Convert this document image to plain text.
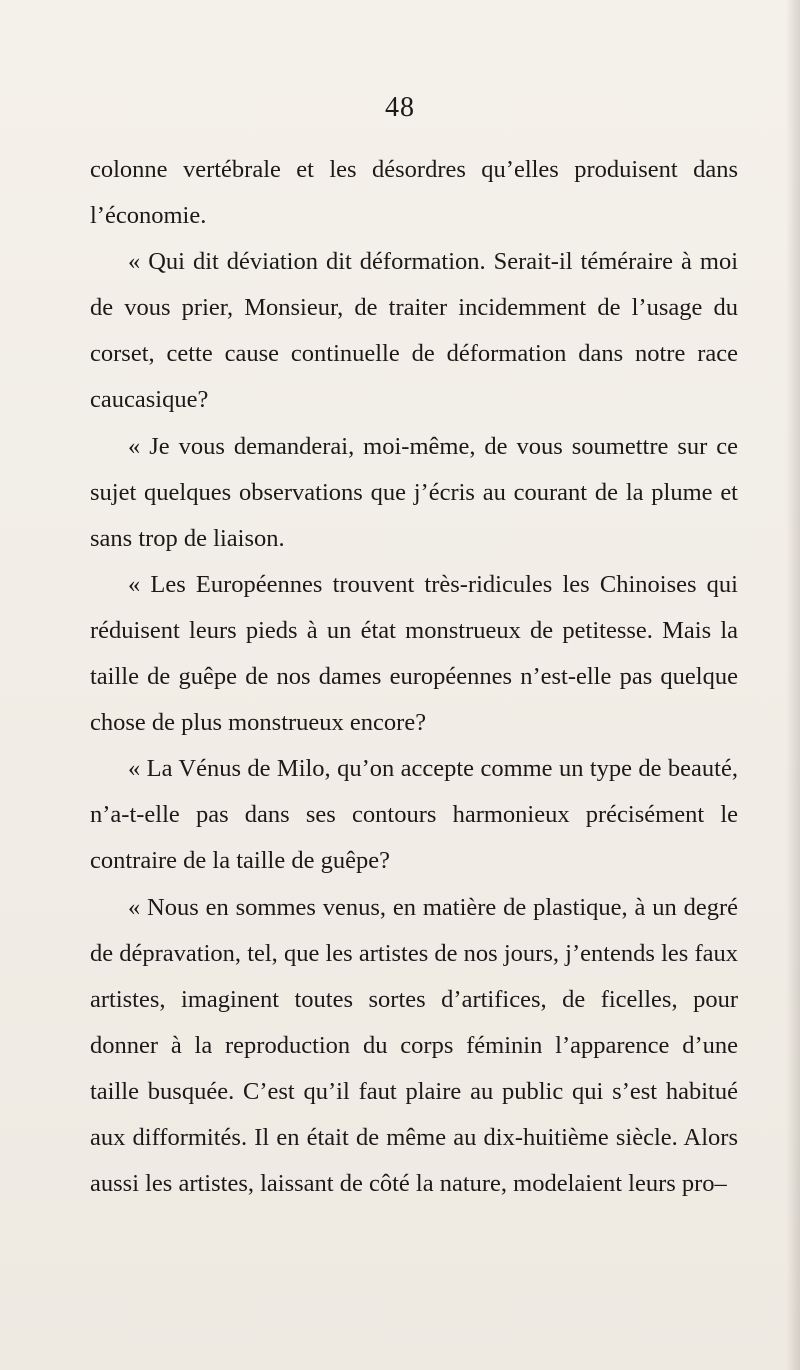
48

colonne vertébrale et les désordres qu’elles produisent dans l’économie.

« Qui dit déviation dit déformation. Serait-il téméraire à moi de vous prier, Monsieur, de traiter incidemment de l’usage du corset, cette cause continuelle de déformation dans notre race caucasique?

« Je vous demanderai, moi-même, de vous soumettre sur ce sujet quelques observations que j’écris au courant de la plume et sans trop de liaison.

« Les Européennes trouvent très-ridicules les Chinoises qui réduisent leurs pieds à un état monstrueux de petitesse. Mais la taille de guêpe de nos dames européennes n’est-elle pas quelque chose de plus monstrueux encore?

« La Vénus de Milo, qu’on accepte comme un type de beauté, n’a-t-elle pas dans ses contours harmonieux précisément le contraire de la taille de guêpe?

« Nous en sommes venus, en matière de plastique, à un degré de dépravation, tel, que les artistes de nos jours, j’entends les faux artistes, imaginent toutes sortes d’artifices, de ficelles, pour donner à la reproduction du corps féminin l’apparence d’une taille busquée. C’est qu’il faut plaire au public qui s’est habitué aux difformités. Il en était de même au dix-huitième siècle. Alors aussi les artistes, laissant de côté la nature, modelaient leurs pro–
